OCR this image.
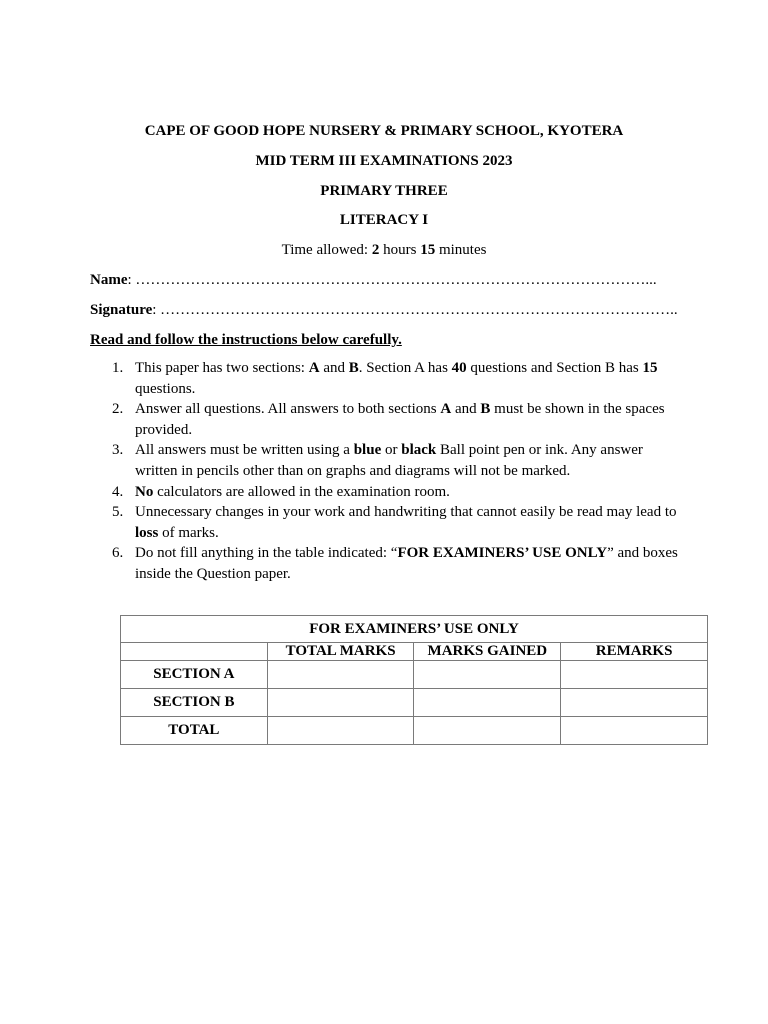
CAPE OF GOOD HOPE NURSERY & PRIMARY SCHOOL, KYOTERA
MID TERM III EXAMINATIONS 2023
PRIMARY THREE
LITERACY I
Time allowed: 2 hours 15 minutes
Name: …………………………………………………………………………………………...
Signature: …………………………………………………………………………………………..
Read and follow the instructions below carefully.
1. This paper has two sections: A and B. Section A has 40 questions and Section B has 15 questions.
2. Answer all questions. All answers to both sections A and B must be shown in the spaces provided.
3. All answers must be written using a blue or black Ball point pen or ink. Any answer written in pencils other than on graphs and diagrams will not be marked.
4. No calculators are allowed in the examination room.
5. Unnecessary changes in your work and handwriting that cannot easily be read may lead to loss of marks.
6. Do not fill anything in the table indicated: “FOR EXAMINERS’ USE ONLY” and boxes inside the Question paper.
FOR EXAMINERS’ USE ONLY			
	TOTAL MARKS	MARKS GAINED	REMARKS
SECTION A			
SECTION B			
TOTAL			
